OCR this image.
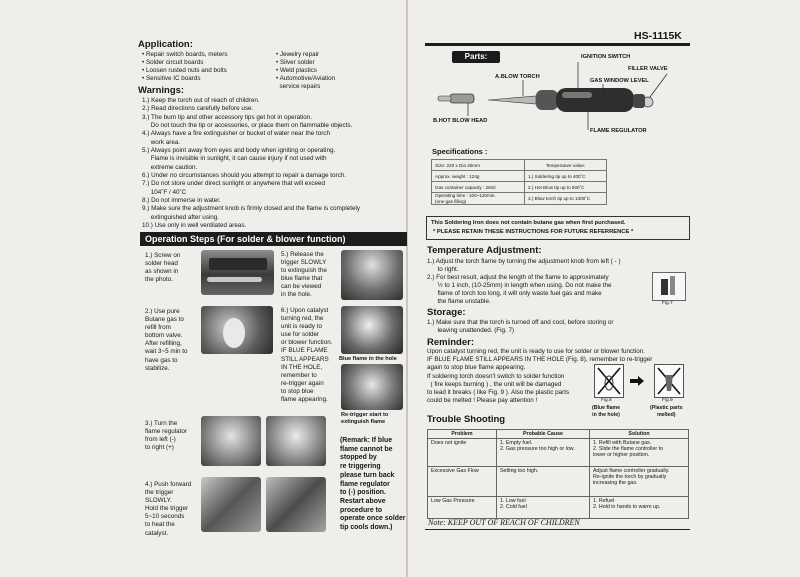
Application:

• Repair switch boards, meters
• Solder circuit boards
• Loosen rusted nuts and bolts
• Sensitive IC boards
• Jewelry repair
• Silver solder
• Weld plastics
• Automotive/Aviation
service repairs

Warnings:

1.) Keep the torch out of reach of children.
2.) Read directions carefully before use.
3.) The burn tip and other accessory tips get hot in operation.
Do not touch the tip or accessories, or place them on flammable objects.
4.) Always have a fire extinguisher or bucket of water near the torch
work area.
5.) Always point away from eyes and body when igniting or operating.
Flame is invisible in sunlight, it can cause injury if not used with
extreme caution.
6.) Under no circumstances should you attempt to repair a damage torch.
7.) Do not store under direct sunlight or anywhere that will exceed
104˚F / 40˚C
8.) Do not immerse in water.
9.) Make sure the adjustment knob is firmly closed and the flame is completely
extinguished after using.
10.) Use only in well ventilated areas.
Operation Steps (For solder & blower function)
1.) Screw on
solder head
as shown in
the photo.
2.) Use pure
Butane gas to
refill from
bottom valve.
After refilling,
wait 3~5 min to
have gas to
stabilize.
3.) Turn the
flame regulator
from left (-)
to right (+)
4.) Push forward
the trigger
SLOWLY.
Hold the trigger
5~10 seconds
to heat the
catalyst.
5.) Release the
trigger SLOWLY
to extinguish the
blue flame that
can be viewed
in the hole.
6.) Upon catalyst
turning red, the
unit is ready to
use for solder
or blower function.
IF BLUE FLAME
STILL APPEARS
IN THE HOLE,
remember to
re-trigger again
to stop blue
flame appearing.

Blue flame in the hole

Re-trigger start to
extinguish flame
(Remark: If blue
flame cannot be
stopped by
re triggering
please turn back
flame regulator
to (-) position.
Restart above
procedure to
operate once solder
tip cools down.)

HS-1115K

Parts:	IGNITION SWITCH

FILLER VALVE

GAS WINDOW LEVEL

A.BLOW TORCH

B.HOT BLOW HEAD

FLAME REGULATOR

Specifications :

Size: 220 x Dia 30mm	Temperature value:
Approx. weight : 124g	1.) Soldering tip up to 400˚C
Gas container capacity : 26ml	2.) Hot Blow tip up to 500˚C
Operating time : 100~120min.
(one gas filling)	3.) Blow torch tip up to 1300˚C
This Soldering Iron does not contain butane gas when first purchased.
* PLEASE RETAIN THESE INSTRUCTIONS FOR FUTURE REFERRENCE *

Temperature Adjustment:

1.) Adjust the torch flame by turning the adjustment knob from left ( - )
to right.
2.) For best result, adjust the length of the flame to approximately
½ to 1 inch, (10-25mm) in length when using. Do not make the
flame of torch too long, it will only waste fuel gas and make
the flame unstable.	Fig.7

Storage:

1.) Make sure that the torch is turned off and cool, before storing or
leaving unattended. (Fig. 7)

Reminder:

Upon catalyst turning red, the unit is ready to use for solder or blower function.
IF BLUE FLAME STILL APPEARS IN THE HOLE (Fig. 8), remember to re-trigger
again to stop blue flame appearing.
If soldering torch doesn't switch to solder function
( fire keeps burning ) , the unit will be damaged
to lead it breaks ( like Fig. 9 ). Also the plastic parts
could be melted ! Please pay attention !	Fig.8	Fig.9

(Blue flame
in the hole)
(Plastic parts
melted)

Trouble Shooting

Problem	Probable Cause	Solution
Does not ignite	1. Empty fuel.
2. Gas pressure too high or low.	1. Refill with Butane gas.
2. Slide the flame controller to
lower or higher position.
Excessive Gas Flow	Setting too high.	Adjust flame controller gradually.
Re-ignite the torch by gradually
increasing the gas.
Low Gas Pressure	1. Low fuel
2. Cold fuel	1. Refuel
2. Hold in hands to warm up.

Note: KEEP OUT OF REACH OF CHILDREN
